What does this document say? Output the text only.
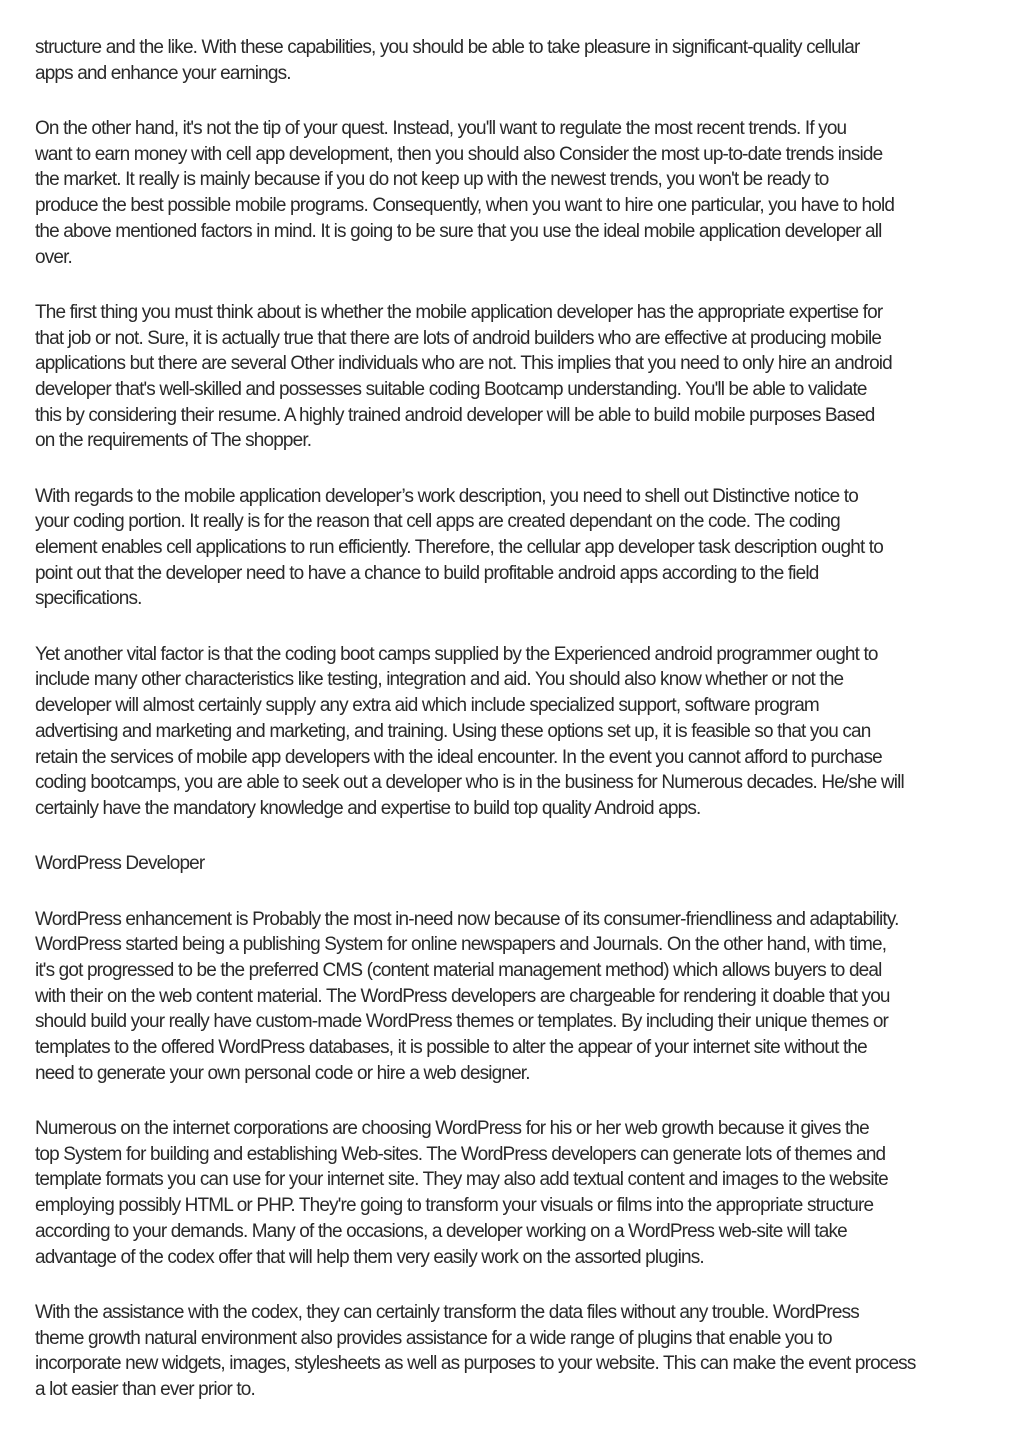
structure and the like. With these capabilities, you should be able to take pleasure in significant-quality cellular
apps and enhance your earnings.

On the other hand, it's not the tip of your quest. Instead, you'll want to regulate the most recent trends. If you
want to earn money with cell app development, then you should also Consider the most up-to-date trends inside
the market. It really is mainly because if you do not keep up with the newest trends, you won't be ready to
produce the best possible mobile programs. Consequently, when you want to hire one particular, you have to hold
the above mentioned factors in mind. It is going to be sure that you use the ideal mobile application developer all
over.

The first thing you must think about is whether the mobile application developer has the appropriate expertise for
that job or not. Sure, it is actually true that there are lots of android builders who are effective at producing mobile
applications but there are several Other individuals who are not. This implies that you need to only hire an android
developer that's well-skilled and possesses suitable coding Bootcamp understanding. You'll be able to validate
this by considering their resume. A highly trained android developer will be able to build mobile purposes Based
on the requirements of The shopper.

With regards to the mobile application developer’s work description, you need to shell out Distinctive notice to
your coding portion. It really is for the reason that cell apps are created dependant on the code. The coding
element enables cell applications to run efficiently. Therefore, the cellular app developer task description ought to
point out that the developer need to have a chance to build profitable android apps according to the field
specifications.

Yet another vital factor is that the coding boot camps supplied by the Experienced android programmer ought to
include many other characteristics like testing, integration and aid. You should also know whether or not the
developer will almost certainly supply any extra aid which include specialized support, software program
advertising and marketing and marketing, and training. Using these options set up, it is feasible so that you can
retain the services of mobile app developers with the ideal encounter. In the event you cannot afford to purchase
coding bootcamps, you are able to seek out a developer who is in the business for Numerous decades. He/she will
certainly have the mandatory knowledge and expertise to build top quality Android apps.

WordPress Developer

WordPress enhancement is Probably the most in-need now because of its consumer-friendliness and adaptability.
WordPress started being a publishing System for online newspapers and Journals. On the other hand, with time,
it's got progressed to be the preferred CMS (content material management method) which allows buyers to deal
with their on the web content material. The WordPress developers are chargeable for rendering it doable that you
should build your really have custom-made WordPress themes or templates. By including their unique themes or
templates to the offered WordPress databases, it is possible to alter the appear of your internet site without the
need to generate your own personal code or hire a web designer.

Numerous on the internet corporations are choosing WordPress for his or her web growth because it gives the
top System for building and establishing Web-sites. The WordPress developers can generate lots of themes and
template formats you can use for your internet site. They may also add textual content and images to the website
employing possibly HTML or PHP. They're going to transform your visuals or films into the appropriate structure
according to your demands. Many of the occasions, a developer working on a WordPress web-site will take
advantage of the codex offer that will help them very easily work on the assorted plugins.

With the assistance with the codex, they can certainly transform the data files without any trouble. WordPress
theme growth natural environment also provides assistance for a wide range of plugins that enable you to
incorporate new widgets, images, stylesheets as well as purposes to your website. This can make the event process
a lot easier than ever prior to.
